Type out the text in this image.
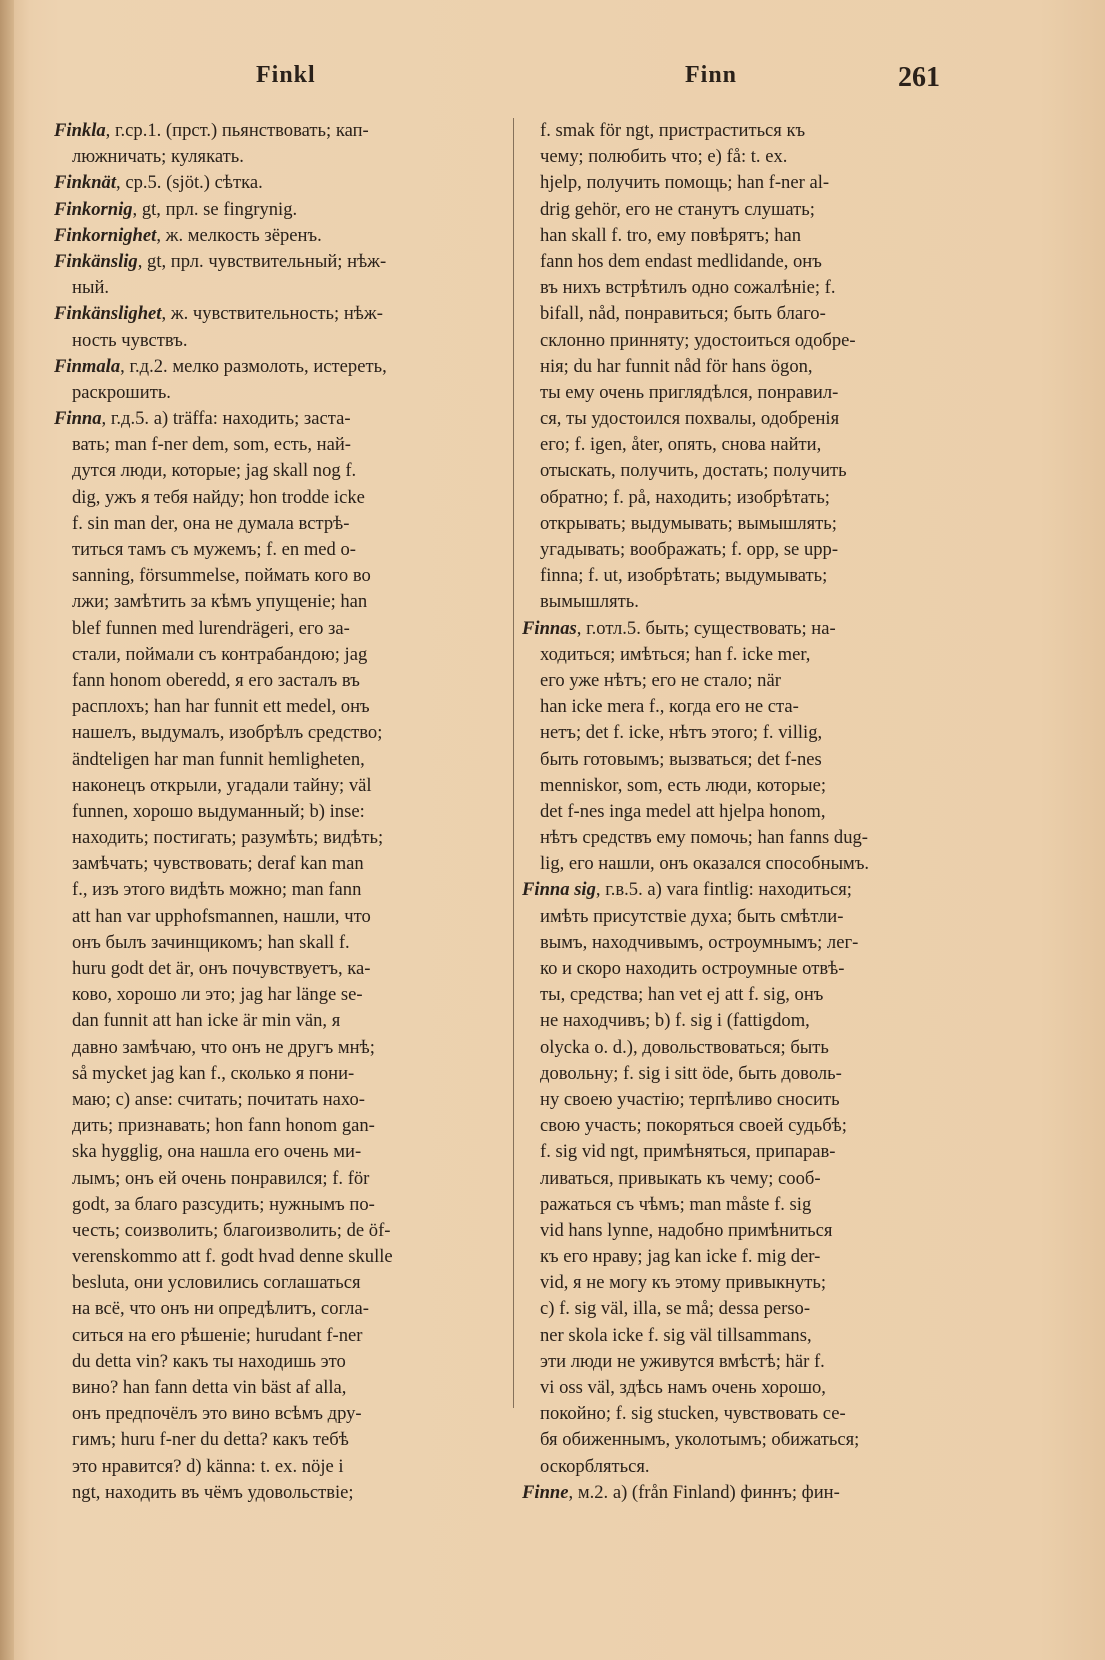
Finkl	Finn	261
Finkla, г.ср.1. (прст.) пьянствовать; кап-
люжничать; кулякать.
Finknät, ср.5. (sjöt.) сѣтка.
Finkornig, gt, прл. se fingrynig.
Finkornighet, ж. мелкость зёренъ.
Finkänslig, gt, прл. чувствительный; нѣж-
ный.
Finkänslighet, ж. чувствительность; нѣж-
ность чувствъ.
Finmala, г.д.2. мелко размолоть, истереть,
раскрошить.
Finna, г.д.5. a) träffa: находить; заста-
вать; man f-ner dem, som, есть, най-
дутся люди, которые; jag skall nog f.
dig, ужъ я тебя найду; hon trodde icke
f. sin man der, она не думала встрѣ-
титься тамъ съ мужемъ; f. en med o-
sanning, försummelse, поймать кого во
лжи; замѣтить за кѣмъ упущеніе; han
blef funnen med lurendrägeri, его за-
стали, поймали съ контрабандою; jag
fann honom oberedd, я его засталъ въ
расплохъ; han har funnit ett medel, онъ
нашелъ, выдумалъ, изобрѣлъ средство;
ändteligen har man funnit hemligheten,
наконецъ открыли, угадали тайну; väl
funnen, хорошо выдуманный; b) inse:
находить; постигать; разумѣть; видѣть;
замѣчать; чувствовать; deraf kan man
f., изъ этого видѣть можно; man fann
att han var upphofsmannen, нашли, что
онъ былъ зачинщикомъ; han skall f.
huru godt det är, онъ почувствуетъ, ка-
ково, хорошо ли это; jag har länge se-
dan funnit att han icke är min vän, я
давно замѣчаю, что онъ не другъ мнѣ;
så mycket jag kan f., сколько я пони-
маю; c) anse: считать; почитать нахо-
дить; признавать; hon fann honom gan-
ska hygglig, она нашла его очень ми-
лымъ; онъ ей очень понравился; f. för
godt, за благо разсудить; нужнымъ по-
честь; соизволить; благоизволить; de öf-
verenskommo att f. godt hvad denne skulle
besluta, они условились соглашаться
на всё, что онъ ни опредѣлитъ, согла-
ситься на его рѣшеніе; hurudant f-ner
du detta vin? какъ ты находишь это
вино? han fann detta vin bäst af alla,
онъ предпочёлъ это вино всѣмъ дру-
гимъ; huru f-ner du detta? какъ тебѣ
это нравится? d) känna: t. ex. nöje i
ngt, находить въ чёмъ удовольствіе;
f. smak för ngt, пристраститься къ
чему; полюбить что; e) få: t. ex.
hjelp, получить помощь; han f-ner al-
drig gehör, его не станутъ слушать;
han skall f. tro, ему повѣрятъ; han
fann hos dem endast medlidande, онъ
въ нихъ встрѣтилъ одно сожалѣніе; f.
bifall, nåd, понравиться; быть благо-
склонно принняту; удостоиться одобре-
нія; du har funnit nåd för hans ögon,
ты ему очень приглядѣлся, понравил-
ся, ты удостоился похвалы, одобренія
его; f. igen, åter, опять, снова найти,
отыскать, получить, достать; получить
обратно; f. på, находить; изобрѣтать;
открывать; выдумывать; вымышлять;
угадывать; воображать; f. opp, se upp-
finna; f. ut, изобрѣтать; выдумывать;
вымышлять.
Finnas, г.отл.5. быть; существовать; на-
ходиться; имѣться; han f. icke mer,
его уже нѣтъ; его не стало; när
han icke mera f., когда его не ста-
нетъ; det f. icke, нѣтъ этого; f. villig,
быть готовымъ; вызваться; det f-nes
menniskor, som, есть люди, которые;
det f-nes inga medel att hjelpa honom,
нѣтъ средствъ ему помочь; han fanns dug-
lig, его нашли, онъ оказался способнымъ.
Finna sig, г.в.5. a) vara fintlig: находиться;
имѣть присутствіе духа; быть смѣтли-
вымъ, находчивымъ, остроумнымъ; лег-
ко и скоро находить остроумные отвѣ-
ты, средства; han vet ej att f. sig, онъ
не находчивъ; b) f. sig i (fattigdom,
olycka o. d.), довольствоваться; быть
довольну; f. sig i sitt öde, быть доволь-
ну своею участію; терпѣливо сносить
свою участь; покоряться своей судьбѣ;
f. sig vid ngt, примѣняться, припарав-
ливаться, привыкать къ чему; сооб-
ражаться съ чѣмъ; man måste f. sig
vid hans lynne, надобно примѣниться
къ его нраву; jag kan icke f. mig der-
vid, я не могу къ этому привыкнуть;
c) f. sig väl, illa, se må; dessa perso-
ner skola icke f. sig väl tillsammans,
эти люди не уживутся вмѣстѣ; här f.
vi oss väl, здѣсь намъ очень хорошо,
покойно; f. sig stucken, чувствовать се-
бя обиженнымъ, уколотымъ; обижаться;
оскорбляться.
Finne, м.2. a) (från Finland) финнъ; фин-
